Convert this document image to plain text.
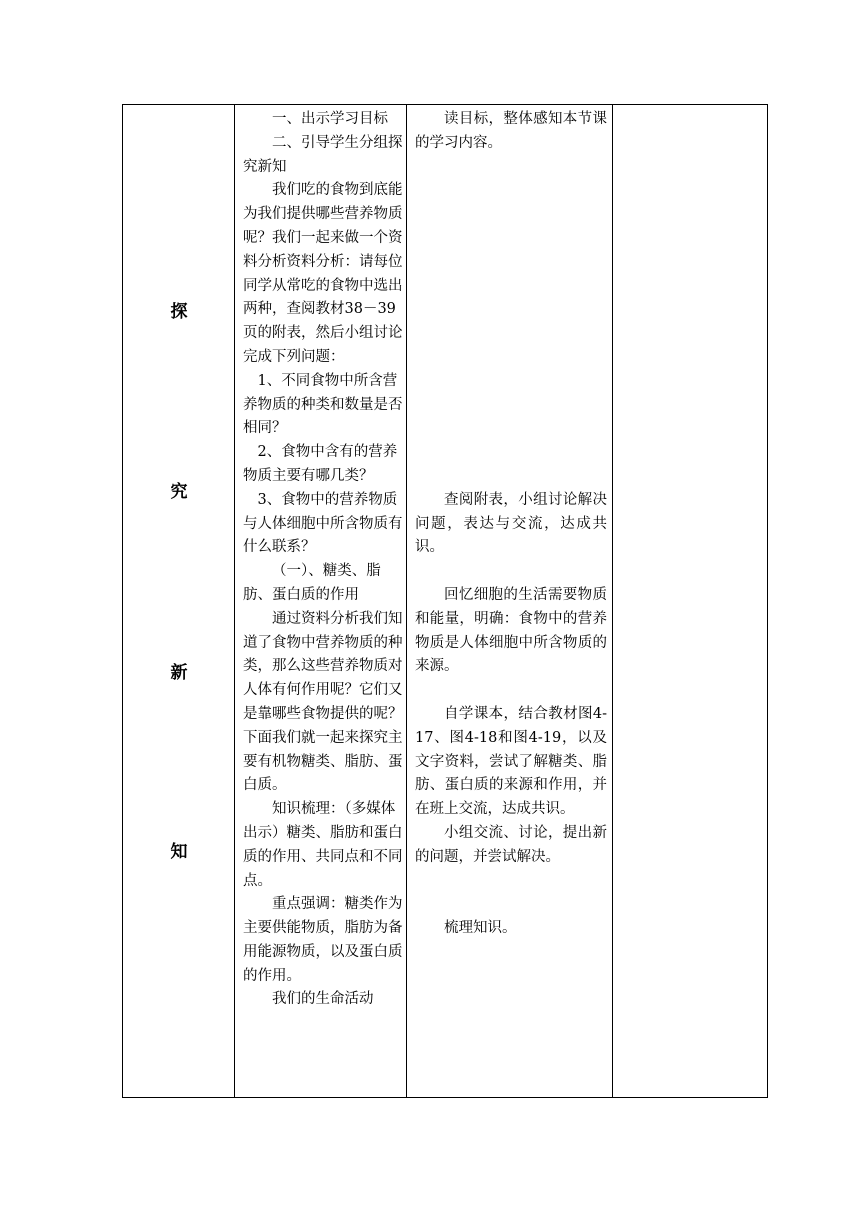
探
究
新
知

一、出示学习目标

二、引导学生分组探究新知

我们吃的食物到底能为我们提供哪些营养物质呢？我们一起来做一个资料分析资料分析：请每位同学从常吃的食物中选出两种，查阅教材38－39页的附表，然后小组讨论完成下列问题：

1、不同食物中所含营养物质的种类和数量是否相同？

2、食物中含有的营养物质主要有哪几类？

3、食物中的营养物质与人体细胞中所含物质有什么联系？

（一）、糖类、脂肪、蛋白质的作用

通过资料分析我们知道了食物中营养物质的种类，那么这些营养物质对人体有何作用呢？它们又是靠哪些食物提供的呢？下面我们就一起来探究主要有机物糖类、脂肪、蛋白质。

知识梳理：（多媒体出示）糖类、脂肪和蛋白质的作用、共同点和不同点。

重点强调：糖类作为主要供能物质，脂肪为备用能源物质，以及蛋白质的作用。

我们的生命活动

读目标，整体感知本节课的学习内容。

查阅附表，小组讨论解决问题，表达与交流，达成共识。

回忆细胞的生活需要物质和能量，明确：食物中的营养物质是人体细胞中所含物质的来源。

自学课本，结合教材图4-17、图4-18和图4-19，以及文字资料，尝试了解糖类、脂肪、蛋白质的来源和作用，并在班上交流，达成共识。

小组交流、讨论，提出新的问题，并尝试解决。

梳理知识。
